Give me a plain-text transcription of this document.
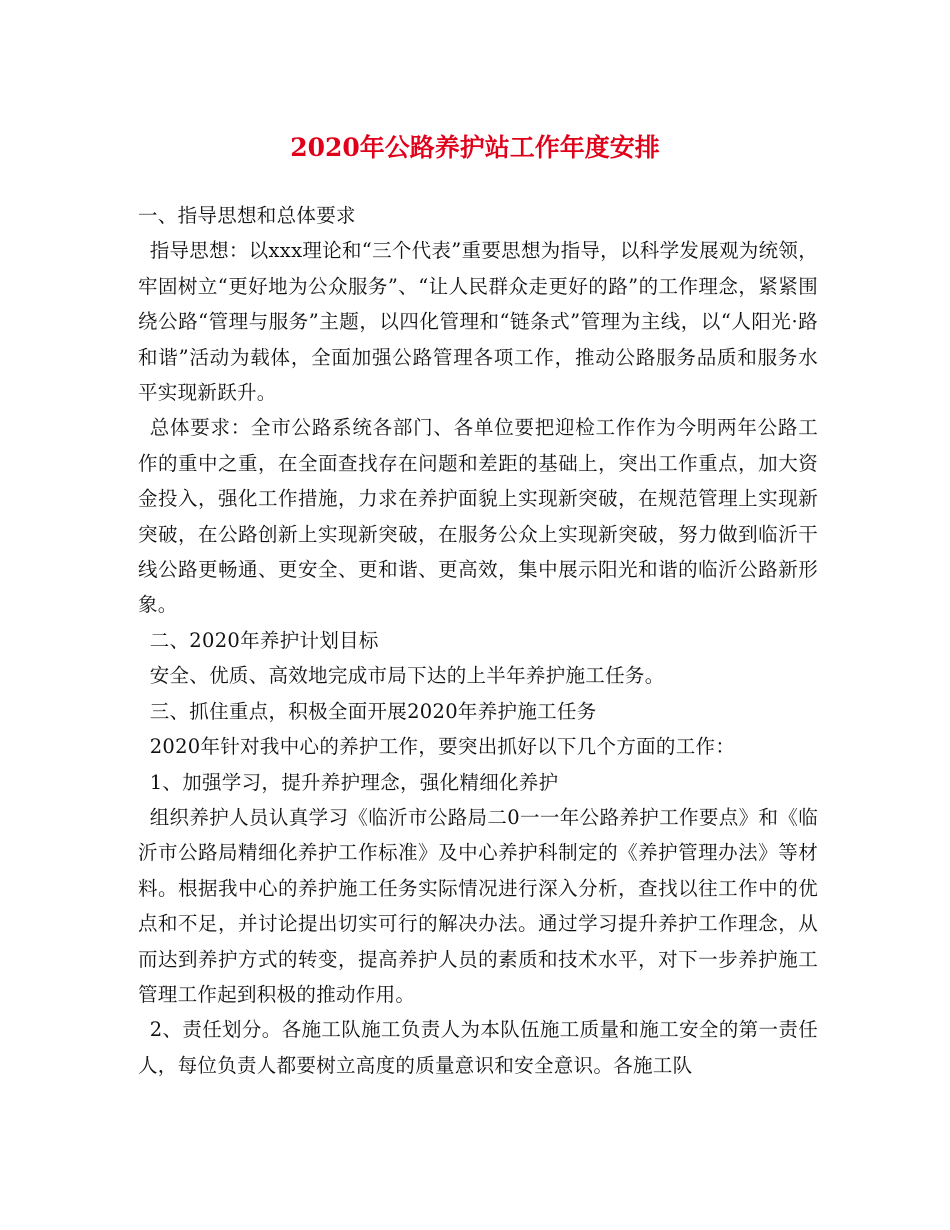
2020年公路养护站工作年度安排

一、指导思想和总体要求

指导思想：以xxx理论和“三个代表”重要思想为指导，以科学发展观为统领，牢固树立“更好地为公众服务”、“让人民群众走更好的路”的工作理念，紧紧围绕公路“管理与服务”主题，以四化管理和“链条式”管理为主线，以“人阳光·路和谐”活动为载体，全面加强公路管理各项工作，推动公路服务品质和服务水平实现新跃升。

总体要求：全市公路系统各部门、各单位要把迎检工作作为今明两年公路工作的重中之重，在全面查找存在问题和差距的基础上，突出工作重点，加大资金投入，强化工作措施，力求在养护面貌上实现新突破，在规范管理上实现新突破，在公路创新上实现新突破，在服务公众上实现新突破，努力做到临沂干线公路更畅通、更安全、更和谐、更高效，集中展示阳光和谐的临沂公路新形象。

二、2020年养护计划目标

安全、优质、高效地完成市局下达的上半年养护施工任务。

三、抓住重点，积极全面开展2020年养护施工任务

2020年针对我中心的养护工作，要突出抓好以下几个方面的工作：

1、加强学习，提升养护理念，强化精细化养护

组织养护人员认真学习《临沂市公路局二0一一年公路养护工作要点》和《临沂市公路局精细化养护工作标准》及中心养护科制定的《养护管理办法》等材料。根据我中心的养护施工任务实际情况进行深入分析，查找以往工作中的优点和不足，并讨论提出切实可行的解决办法。通过学习提升养护工作理念，从而达到养护方式的转变，提高养护人员的素质和技术水平，对下一步养护施工管理工作起到积极的推动作用。

2、责任划分。各施工队施工负责人为本队伍施工质量和施工安全的第一责任人，每位负责人都要树立高度的质量意识和安全意识。各施工队
